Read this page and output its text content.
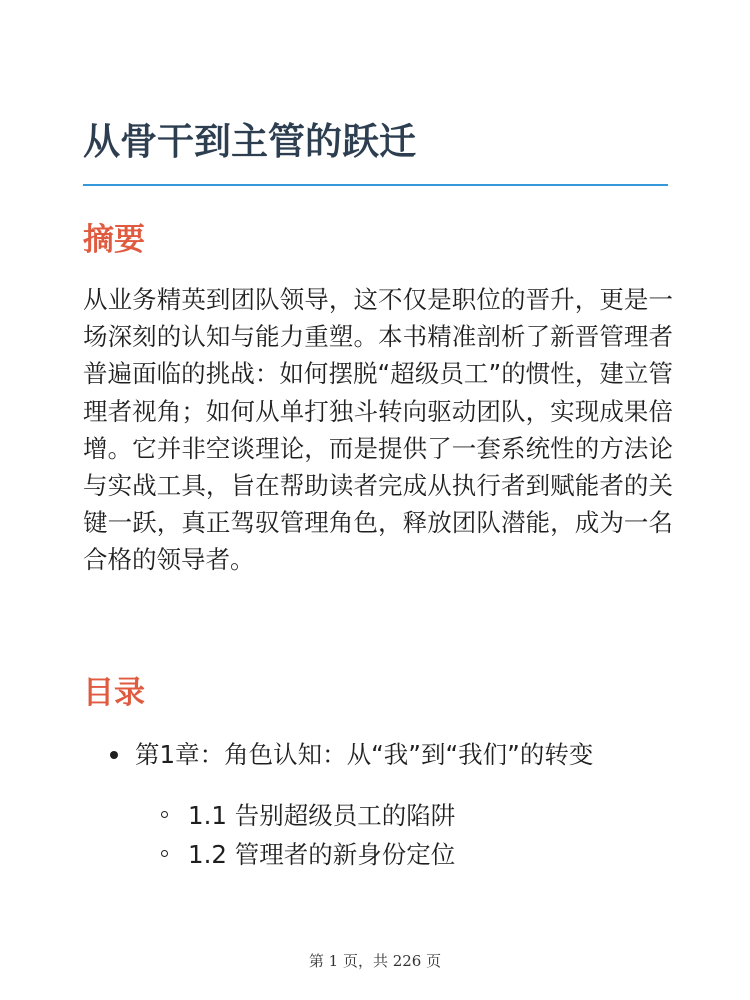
从骨干到主管的跃迁
摘要

从业务精英到团队领导，这不仅是职位的晋升，更是一场深刻的认知与能力重塑。本书精准剖析了新晋管理者普遍面临的挑战：如何摆脱“超级员工”的惯性，建立管理者视角；如何从单打独斗转向驱动团队，实现成果倍增。它并非空谈理论，而是提供了一套系统性的方法论与实战工具，旨在帮助读者完成从执行者到赋能者的关键一跃，真正驾驭管理角色，释放团队潜能，成为一名合格的领导者。

目录
第1章：角色认知：从“我”到“我们”的转变
1.1 告别超级员工的陷阱
1.2 管理者的新身份定位
第 1 页，共 226 页
